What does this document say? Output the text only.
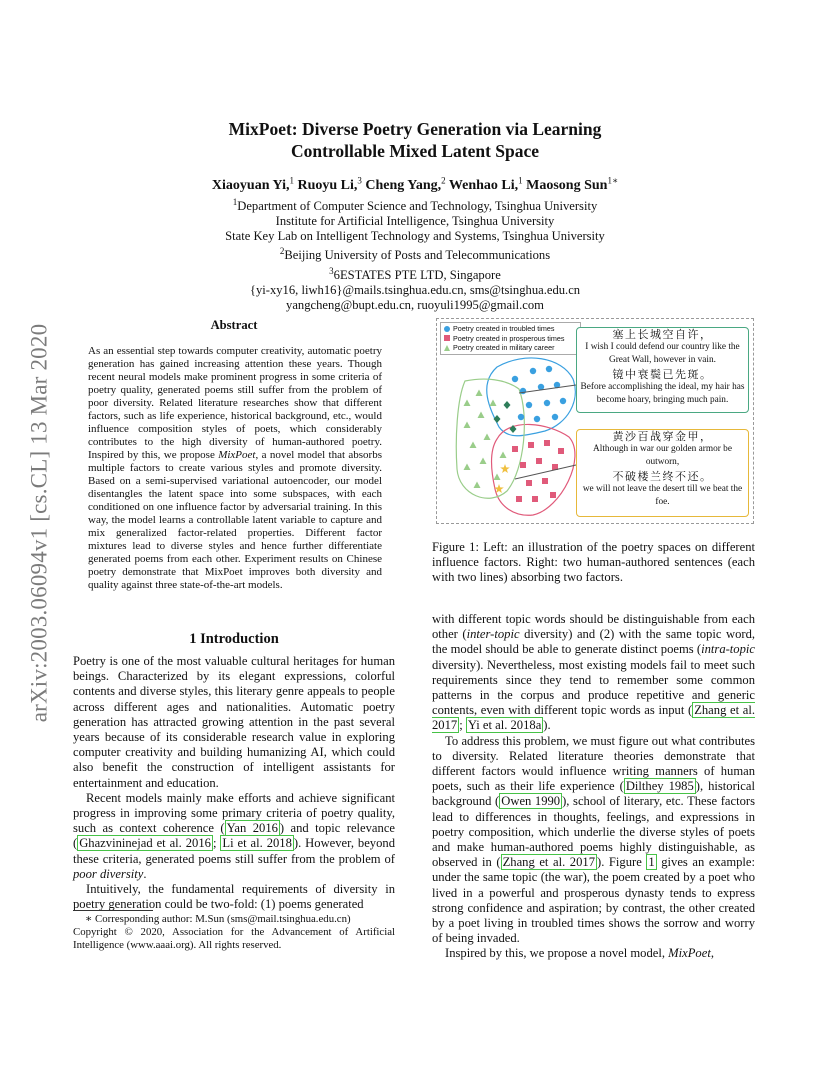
arXiv:2003.06094v1 [cs.CL] 13 Mar 2020
MixPoet: Diverse Poetry Generation via Learning
Controllable Mixed Latent Space
Xiaoyuan Yi,$^1$ Ruoyu Li,$^3$ Cheng Yang,$^2$ Wenhao Li,$^1$ Maosong Sun$^{1∗}$
$^1$Department of Computer Science and Technology, Tsinghua University
Institute for Artificial Intelligence, Tsinghua University
State Key Lab on Intelligent Technology and Systems, Tsinghua University
$^2$Beijing University of Posts and Telecommunications
$^3$6ESTATES PTE LTD, Singapore
{yi-xy16, liwh16}@mails.tsinghua.edu.cn, sms@tsinghua.edu.cn
yangcheng@bupt.edu.cn, ruoyuli1995@gmail.com
Abstract
As an essential step towards computer creativity, automatic poetry generation has gained increasing attention these years. Though recent neural models make prominent progress in some criteria of poetry quality, generated poems still suffer from the problem of poor diversity. Related literature researches show that different factors, such as life experience, historical background, etc., would influence composition styles of poets, which considerably contributes to the high diversity of human-authored poetry. Inspired by this, we propose MixPoet, a novel model that absorbs multiple factors to create various styles and promote diversity. Based on a semi-supervised variational autoencoder, our model disentangles the latent space into some subspaces, with each conditioned on one influence factor by adversarial training. In this way, the model learns a controllable latent variable to capture and mix generalized factor-related properties. Different factor mixtures lead to diverse styles and hence further differentiate generated poems from each other. Experiment results on Chinese poetry demonstrate that MixPoet improves both diversity and quality against three state-of-the-art models.
1 Introduction

Poetry is one of the most valuable cultural heritages for human beings. Characterized by its elegant expressions, colorful contents and diverse styles, this literary genre appeals to people across different ages and nationalities. Automatic poetry generation has attracted growing attention in the past several years because of its considerable research value in exploring computer creativity and building humanizing AI, which could also benefit the construction of intelligent assistants for entertainment and education.

Recent models mainly make efforts and achieve significant progress in improving some primary criteria of poetry quality, such as context coherence ( Yan 2016 ) and topic relevance ( Ghazvininejad et al. 2016 ; Li et al. 2018 ). However, beyond these criteria, generated poems still suffer from the problem of poor diversity.

Intuitively, the fundamental requirements of diversity in poetry generation could be two-fold: (1) poems generated

∗ Corresponding author: M.Sun (sms@mail.tsinghua.edu.cn)
Copyright © 2020, Association for the Advancement of Artificial Intelligence (www.aaai.org). All rights reserved.
Poetry created in troubled times
Poetry created in prosperous times
Poetry created in military career
塞上长城空自许，
I wish I could defend our country like the Great Wall, however in vain.
镜中衰鬓已先斑。
Before accomplishing the ideal, my hair has become hoary, bringing much pain.
黄沙百战穿金甲，
Although in war our golden armor be outworn,
不破楼兰终不还。
we will not leave the desert till we beat the foe.
Figure 1: Left: an illustration of the poetry spaces on different influence factors. Right: two human-authored sentences (each with two lines) absorbing two factors.

with different topic words should be distinguishable from each other (inter-topic diversity) and (2) with the same topic word, the model should be able to generate distinct poems (intra-topic diversity). Nevertheless, most existing models fail to meet such requirements since they tend to remember some common patterns in the corpus and produce repetitive and generic contents, even with different topic words as input ( Zhang et al. 2017 ; Yi et al. 2018a ).

To address this problem, we must figure out what contributes to diversity. Related literature theories demonstrate that different factors would influence writing manners of human poets, such as their life experience ( Dilthey 1985 ), historical background ( Owen 1990 ), school of literary, etc. These factors lead to differences in thoughts, feelings, and expressions in poetry composition, which underlie the diverse styles of poets and make human-authored poems highly distinguishable, as observed in ( Zhang et al. 2017 ). Figure 1 gives an example: under the same topic (the war), the poem created by a poet who lived in a powerful and prosperous dynasty tends to express strong confidence and aspiration; by contrast, the other created by a poet living in troubled times shows the sorrow and worry of being invaded.

Inspired by this, we propose a novel model, MixPoet,
